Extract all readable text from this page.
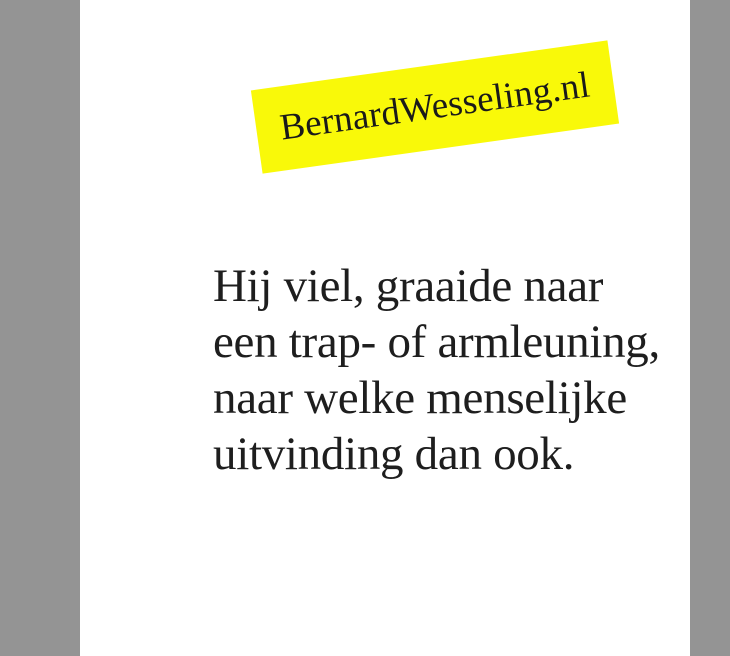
BernardWesseling.nl
Hij viel, graaide naar
een trap- of armleuning,
naar welke menselijke
uitvinding dan ook.
